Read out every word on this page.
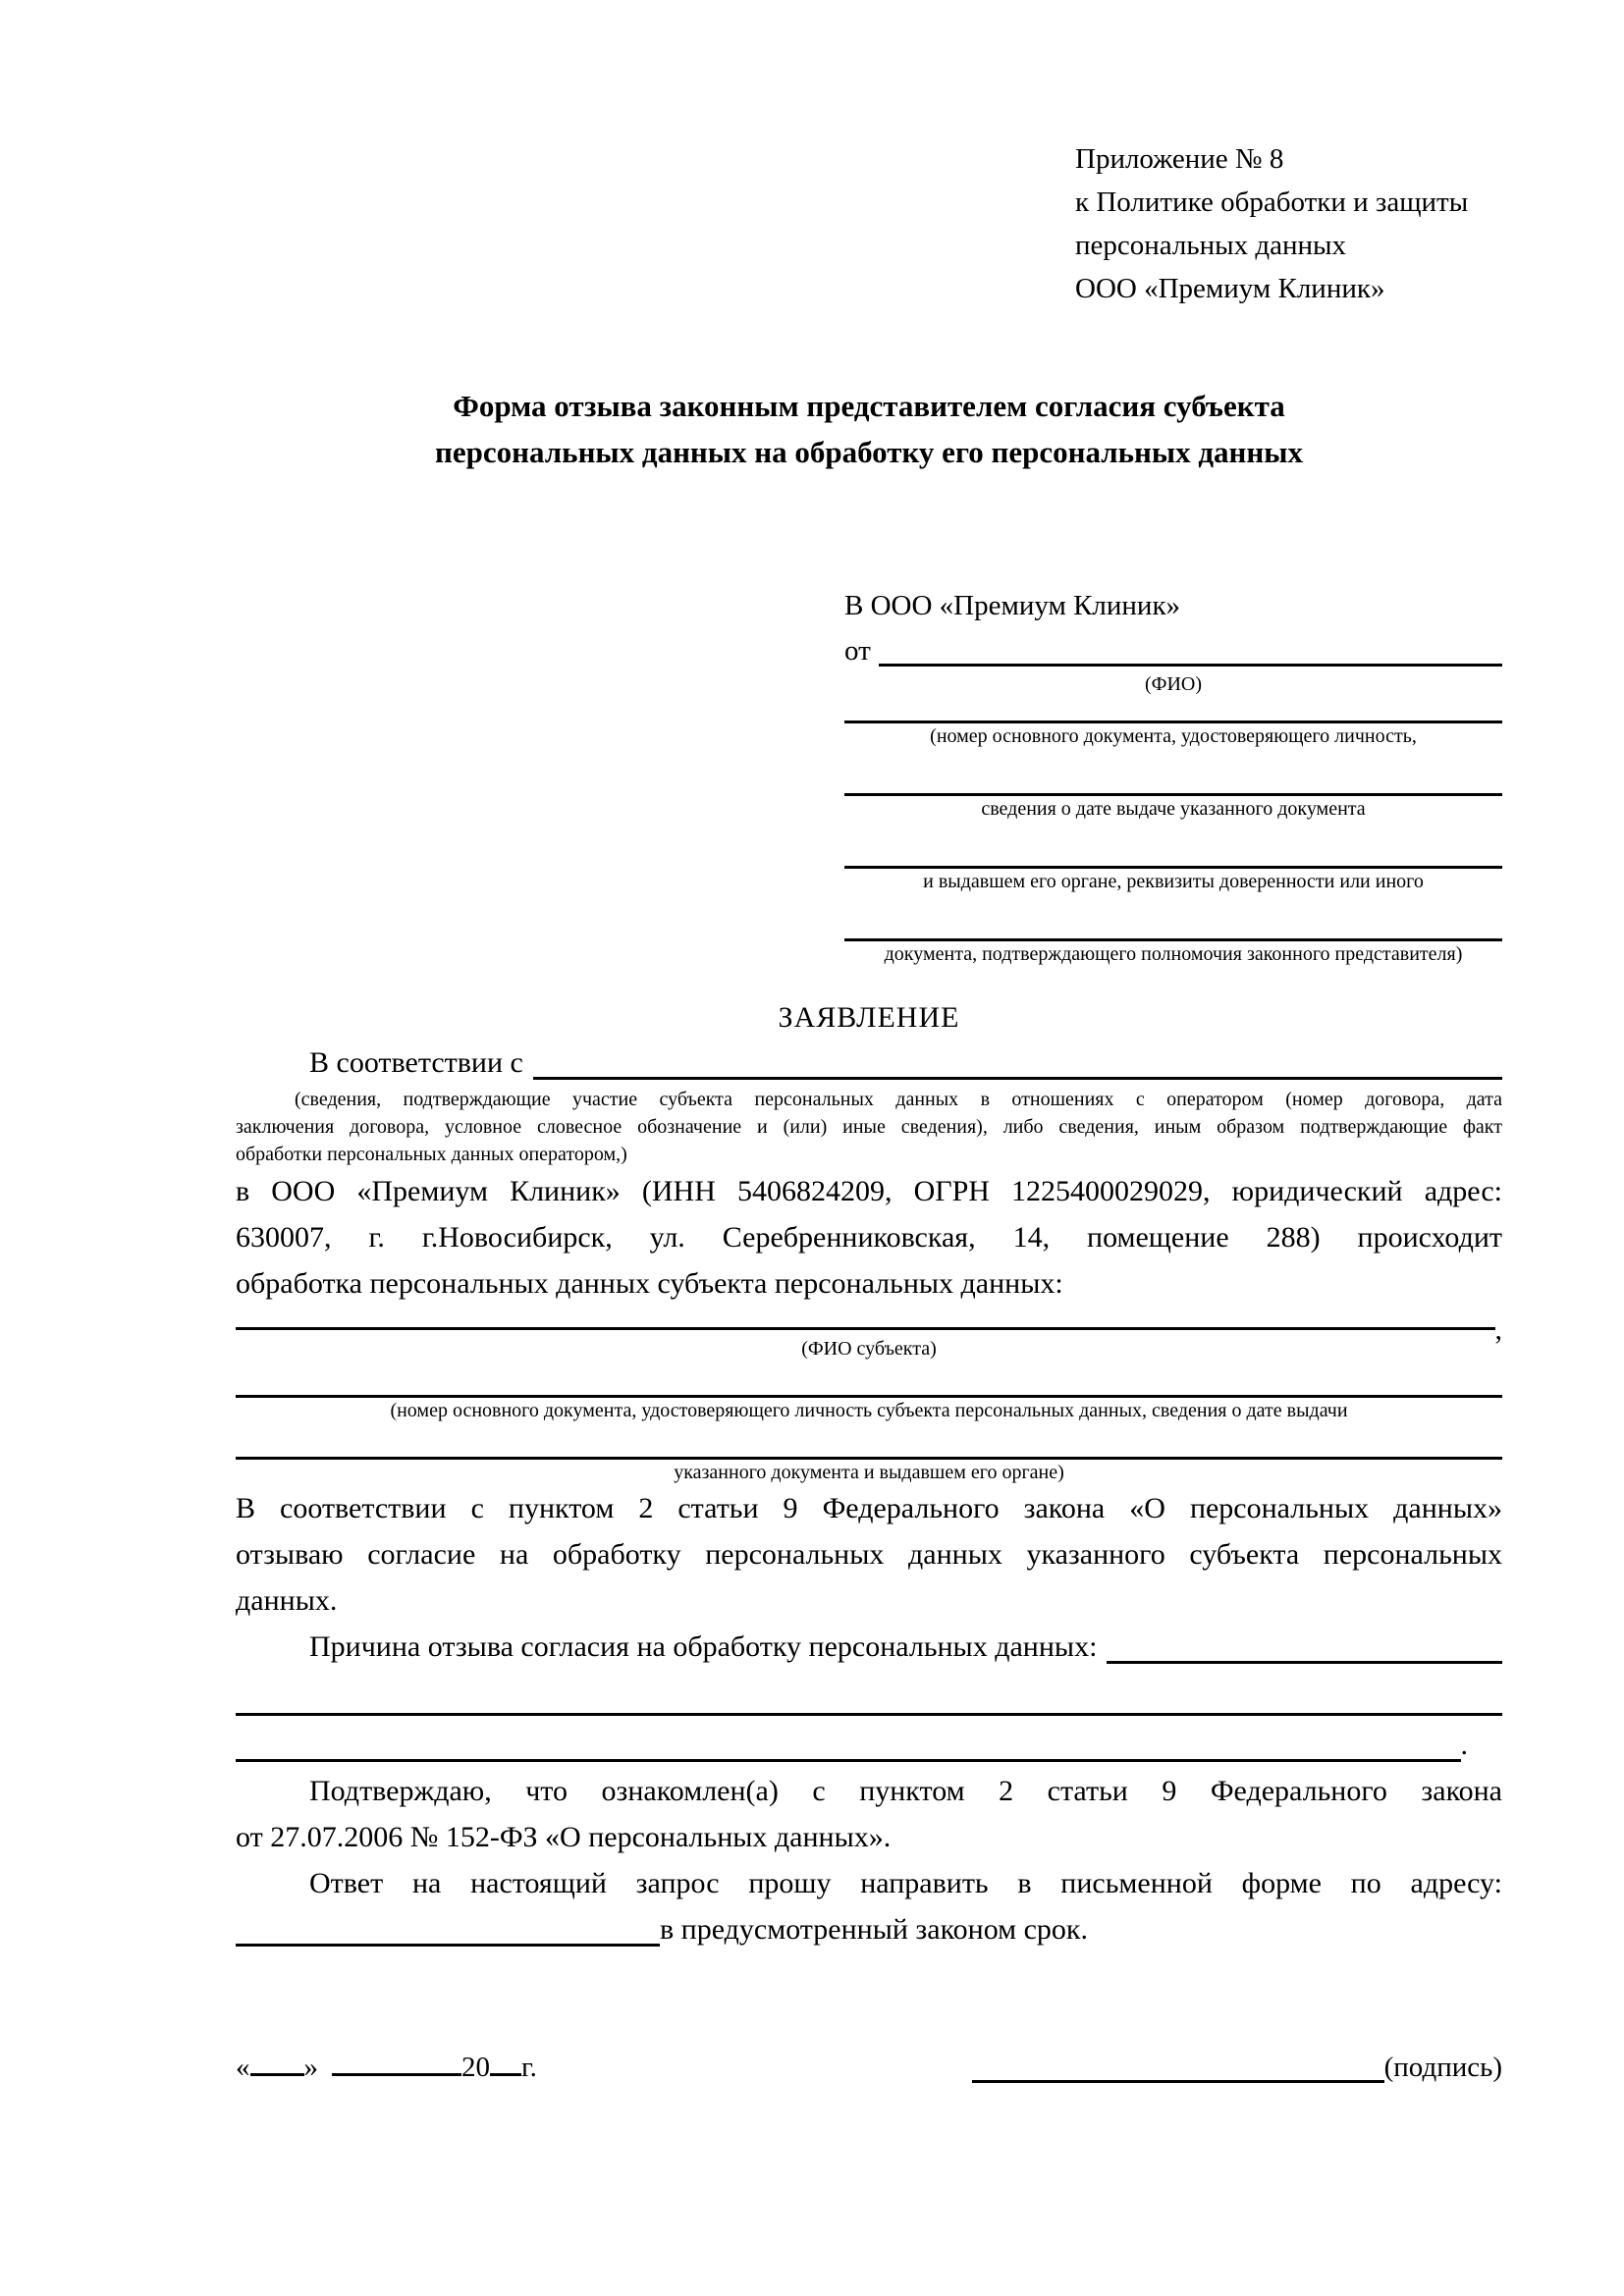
Приложение № 8
к Политике обработки и защиты
персональных данных
ООО «Премиум Клиник»
Форма отзыва законным представителем согласия субъекта
персональных данных на обработку его персональных данных
В ООО «Премиум Клиник»
от
(ФИО)
(номер основного документа, удостоверяющего личность,
сведения о дате выдаче указанного документа
и выдавшем его органе, реквизиты доверенности или иного
документа, подтверждающего полномочия законного представителя)
ЗАЯВЛЕНИЕ
В соответствии с
(сведения, подтверждающие участие субъекта персональных данных в отношениях с оператором (номер договора, дата
заключения договора, условное словесное обозначение и (или) иные сведения), либо сведения, иным образом подтверждающие факт
обработки персональных данных оператором,)
в ООО «Премиум Клиник» (ИНН 5406824209, ОГРН 1225400029029, юридический адрес:
630007, г. г.Новосибирск, ул. Серебренниковская, 14, помещение 288) происходит
обработка персональных данных субъекта персональных данных:
,
(ФИО субъекта)
(номер основного документа, удостоверяющего личность субъекта персональных данных, сведения о дате выдачи
указанного документа и выдавшем его органе)
В соответствии с пунктом 2 статьи 9 Федерального закона «О персональных данных»
отзываю согласие на обработку персональных данных указанного субъекта персональных
данных.
Причина отзыва согласия на обработку персональных данных:
.
Подтверждаю, что ознакомлен(а) с пунктом 2 статьи 9 Федерального закона
от 27.07.2006 № 152-ФЗ «О персональных данных».
Ответ на настоящий запрос прошу направить в письменной форме по адресу:
в предусмотренный законом срок.
« »	20 г.	(подпись)
